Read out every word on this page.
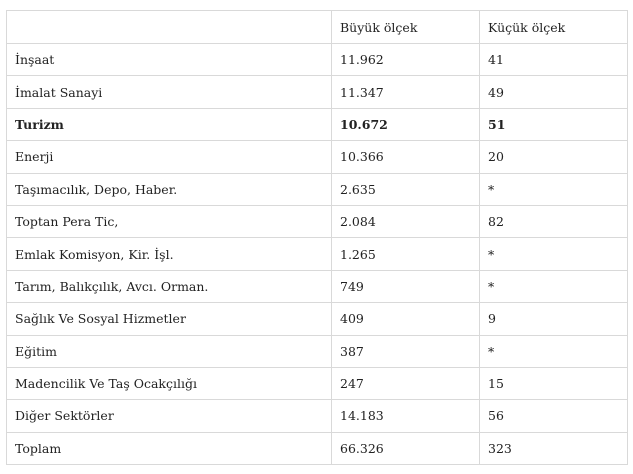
	Büyük ölçek	Küçük ölçek
İnşaat	11.962	41
İmalat Sanayi	11.347	49
Turizm	10.672	51
Enerji	10.366	20
Taşımacılık, Depo, Haber.	2.635	*
Toptan Pera Tic,	2.084	82
Emlak Komisyon, Kir. İşl.	1.265	*
Tarım, Balıkçılık, Avcı. Orman.	749	*
Sağlık Ve Sosyal Hizmetler	409	9
Eğitim	387	*
Madencilik Ve Taş Ocakçılığı	247	15
Diğer Sektörler	14.183	56
Toplam	66.326	323
